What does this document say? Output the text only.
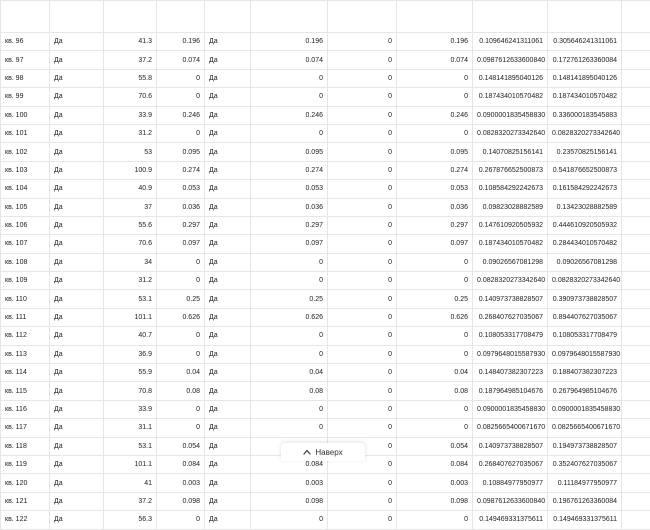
кв. 96	Да	41.3	0.196	Да	0.196	0	0.196	0.109646241311061	0.305646241311061	
кв. 97	Да	37.2	0.074	Да	0.074	0	0.074	0.0987612633600840	0.172761263360084	
кв. 98	Да	55.8	0	Да	0	0	0	0.148141895040126	0.148141895040126	
кв. 99	Да	70.6	0	Да	0	0	0	0.187434010570482	0.187434010570482	
кв. 100	Да	33.9	0.246	Да	0.246	0	0.246	0.0900001835458830	0.336000183545883	
кв. 101	Да	31.2	0	Да	0	0	0	0.0828320273342640	0.0828320273342640	
кв. 102	Да	53	0.095	Да	0.095	0	0.095	0.14070825156141	0.23570825156141	
кв. 103	Да	100.9	0.274	Да	0.274	0	0.274	0.267876652500873	0.541876652500873	
кв. 104	Да	40.9	0.053	Да	0.053	0	0.053	0.108584292242673	0.161584292242673	
кв. 105	Да	37	0.036	Да	0.036	0	0.036	0.09823028882589	0.13423028882589	
кв. 106	Да	55.6	0.297	Да	0.297	0	0.297	0.147610920505932	0.444610920505932	
кв. 107	Да	70.6	0.097	Да	0.097	0	0.097	0.187434010570482	0.284434010570482	
кв. 108	Да	34	0	Да	0	0	0	0.09026567081298	0.09026567081298	
кв. 109	Да	31.2	0	Да	0	0	0	0.0828320273342640	0.0828320273342640	
кв. 110	Да	53.1	0.25	Да	0.25	0	0.25	0.140973738828507	0.390973738828507	
кв. 111	Да	101.1	0.626	Да	0.626	0	0.626	0.268407627035067	0.894407627035067	
кв. 112	Да	40.7	0	Да	0	0	0	0.108053317708479	0.108053317708479	
кв. 113	Да	36.9	0	Да	0	0	0	0.0979648015587930	0.0979648015587930	
кв. 114	Да	55.9	0.04	Да	0.04	0	0.04	0.148407382307223	0.188407382307223	
кв. 115	Да	70.8	0.08	Да	0.08	0	0.08	0.187964985104676	0.267964985104676	
кв. 116	Да	33.9	0	Да	0	0	0	0.0900001835458830	0.0900001835458830	
кв. 117	Да	31.1	0	Да	0	0	0	0.0825665400671670	0.0825665400671670	
кв. 118	Да	53.1	0.054	Да		0	0.054	0.140973738828507	0.194973738828507	
кв. 119	Да	101.1	0.084	Да	0.084	0	0.084	0.268407627035067	0.352407627035067	
кв. 120	Да	41	0.003	Да	0.003	0	0.003	0.10884977950977	0.11184977950977	
кв. 121	Да	37.2	0.098	Да	0.098	0	0.098	0.0987612633600840	0.196761263360084	
кв. 122	Да	56.3	0	Да	0	0	0	0.149469331375611	0.149469331375611	
Наверх
